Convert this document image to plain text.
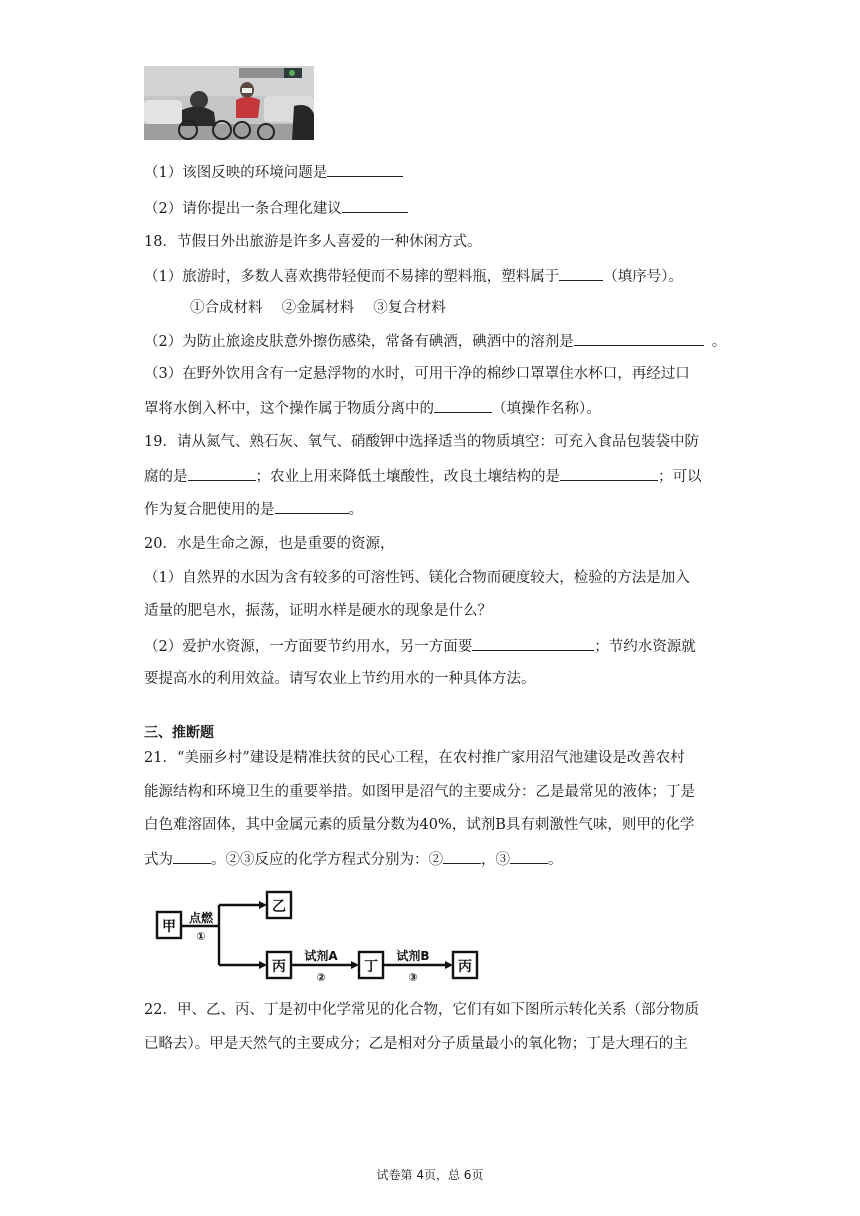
（1）该图反映的环境问题是
（2）请你提出一条合理化建议
18．节假日外出旅游是许多人喜爱的一种休闲方式。
（1）旅游时，多数人喜欢携带轻便而不易摔的塑料瓶，塑料属于	（填序号）。
①合成材料　 ②金属材料　 ③复合材料
（2）为防止旅途皮肤意外擦伤感染，常备有碘酒，碘酒中的溶剂是	。
（3）在野外饮用含有一定悬浮物的水时，可用干净的棉纱口罩罩住水杯口，再经过口
罩将水倒入杯中，这个操作属于物质分离中的	（填操作名称）。
19．请从氮气、熟石灰、氧气、硝酸钾中选择适当的物质填空：可充入食品包装袋中防
腐的是	；农业上用来降低土壤酸性，改良土壤结构的是	；可以
作为复合肥使用的是	。
20．水是生命之源，也是重要的资源，
（1）自然界的水因为含有较多的可溶性钙、镁化合物而硬度较大，检验的方法是加入
适量的肥皂水，振荡，证明水样是硬水的现象是什么？
（2）爱护水资源，一方面要节约用水，另一方面要	；节约水资源就
要提高水的利用效益。请写农业上节约用水的一种具体方法。
三、推断题
21．“美丽乡村”建设是精准扶贫的民心工程，在农村推广家用沼气池建设是改善农村
能源结构和环境卫生的重要举措。如图甲是沼气的主要成分：乙是最常见的液体；丁是
白色难溶固体，其中金属元素的质量分数为40%，试剂B具有刺激性气味，则甲的化学
式为	。②③反应的化学方程式分别为：②	，③	。
甲
乙
丙	丁	丙
点燃
①
试剂A
②
试剂B
③
22．甲、乙、丙、丁是初中化学常见的化合物，它们有如下图所示转化关系（部分物质
已略去）。甲是天然气的主要成分；乙是相对分子质量最小的氧化物；丁是大理石的主
试卷第 4页，总 6页
